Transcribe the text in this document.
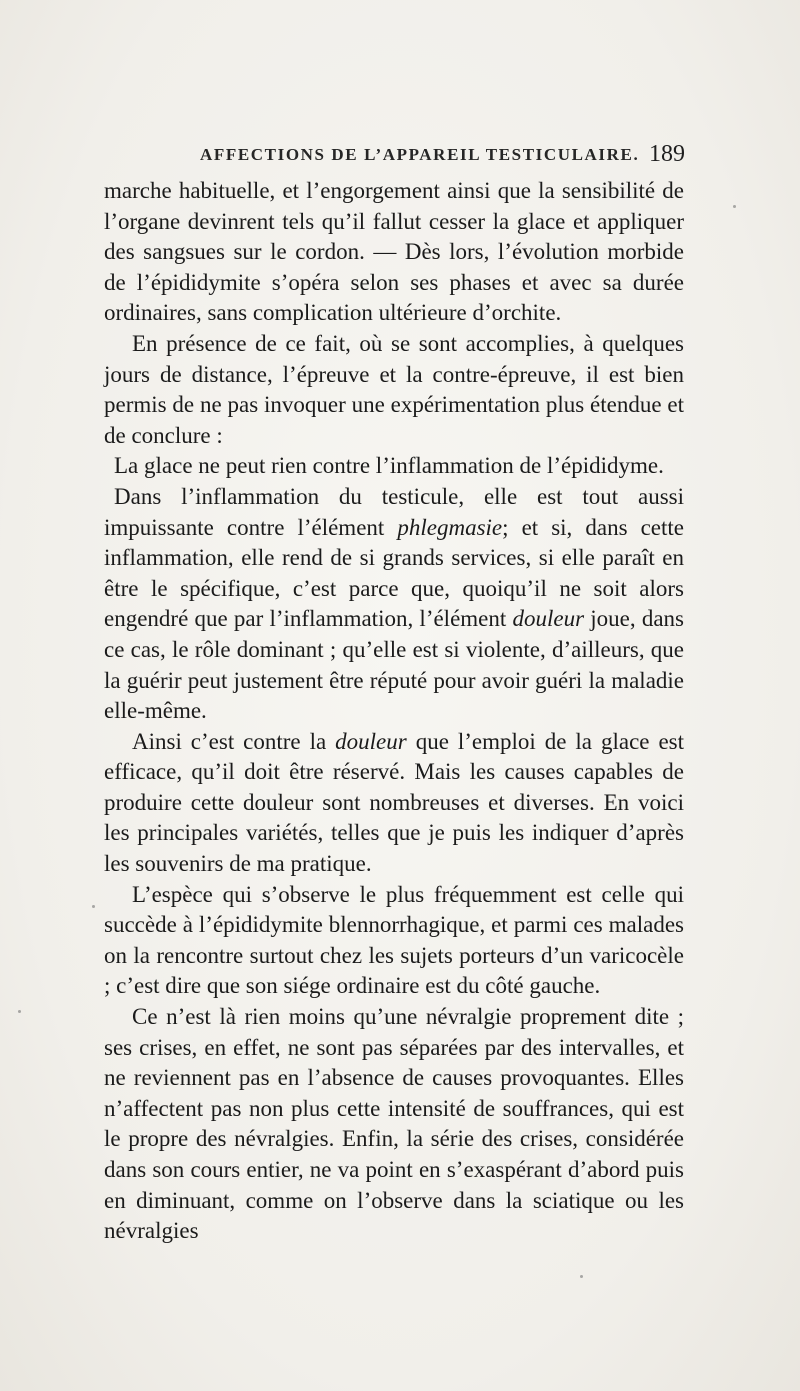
AFFECTIONS DE L’APPAREIL TESTICULAIRE. 189

marche habituelle, et l’engorgement ainsi que la sensibilité de l’organe devinrent tels qu’il fallut cesser la glace et appliquer des sangsues sur le cordon. — Dès lors, l’évolution morbide de l’épididymite s’opéra selon ses phases et avec sa durée ordinaires, sans complication ultérieure d’orchite.

En présence de ce fait, où se sont accomplies, à quelques jours de distance, l’épreuve et la contre-épreuve, il est bien permis de ne pas invoquer une expérimentation plus étendue et de conclure :

La glace ne peut rien contre l’inflammation de l’épididyme.

Dans l’inflammation du testicule, elle est tout aussi impuissante contre l’élément phlegmasie; et si, dans cette inflammation, elle rend de si grands services, si elle paraît en être le spécifique, c’est parce que, quoiqu’il ne soit alors engendré que par l’inflammation, l’élément douleur joue, dans ce cas, le rôle dominant ; qu’elle est si violente, d’ailleurs, que la guérir peut justement être réputé pour avoir guéri la maladie elle-même.

Ainsi c’est contre la douleur que l’emploi de la glace est efficace, qu’il doit être réservé. Mais les causes capables de produire cette douleur sont nombreuses et diverses. En voici les principales variétés, telles que je puis les indiquer d’après les souvenirs de ma pratique.

L’espèce qui s’observe le plus fréquemment est celle qui succède à l’épididymite blennorrhagique, et parmi ces malades on la rencontre surtout chez les sujets porteurs d’un varicocèle ; c’est dire que son siége ordinaire est du côté gauche.

Ce n’est là rien moins qu’une névralgie proprement dite ; ses crises, en effet, ne sont pas séparées par des intervalles, et ne reviennent pas en l’absence de causes provoquantes. Elles n’affectent pas non plus cette intensité de souffrances, qui est le propre des névralgies. Enfin, la série des crises, considérée dans son cours entier, ne va point en s’exaspérant d’abord puis en diminuant, comme on l’observe dans la sciatique ou les névralgies
